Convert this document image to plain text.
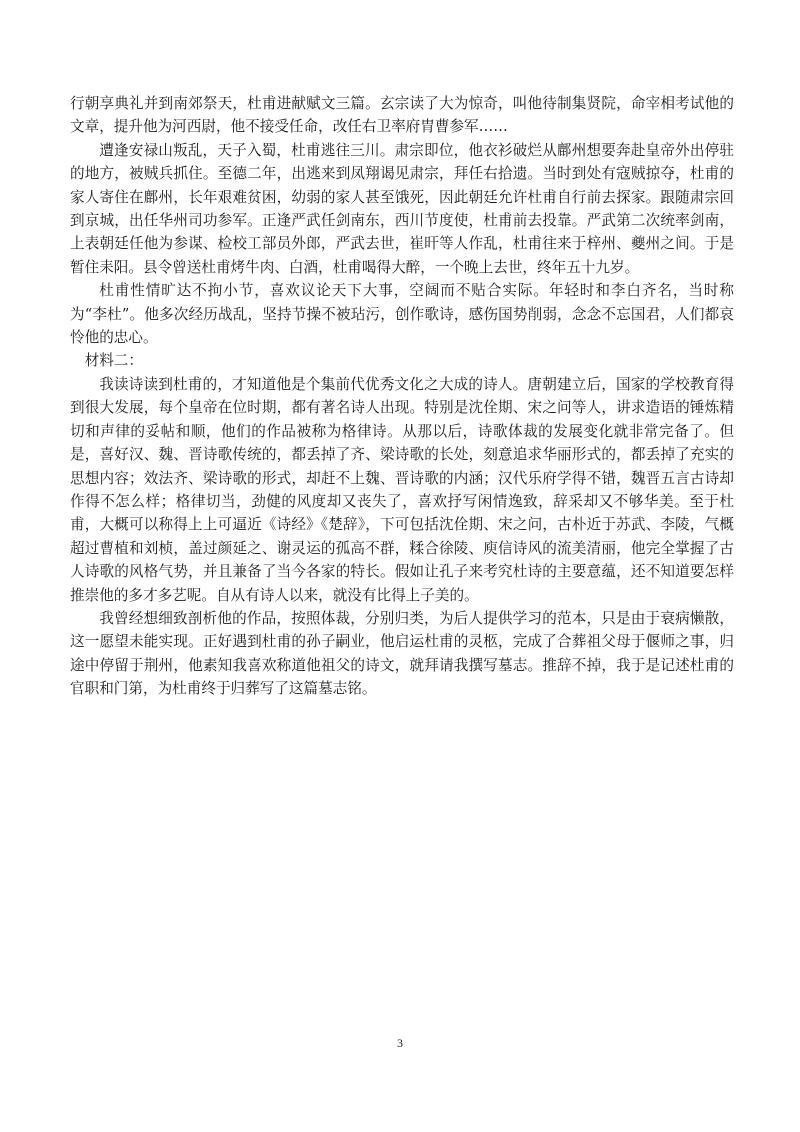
行朝享典礼并到南郊祭天，杜甫进献赋文三篇。玄宗读了大为惊奇，叫他待制集贤院，命宰相考试他的文章，提升他为河西尉，他不接受任命，改任右卫率府胄曹参军……

遭逢安禄山叛乱，天子入蜀，杜甫逃往三川。肃宗即位，他衣衫破烂从鄜州想要奔赴皇帝外出停驻的地方，被贼兵抓住。至德二年，出逃来到凤翔谒见肃宗，拜任右拾遗。当时到处有寇贼掠夺，杜甫的家人寄住在鄜州，长年艰难贫困，幼弱的家人甚至饿死，因此朝廷允许杜甫自行前去探家。跟随肃宗回到京城，出任华州司功参军。正逢严武任剑南东，西川节度使，杜甫前去投靠。严武第二次统率剑南，上表朝廷任他为参谋、检校工部员外郎，严武去世，崔旰等人作乱，杜甫往来于梓州、夔州之间。于是暂住耒阳。县令曾送杜甫烤牛肉、白酒，杜甫喝得大醉，一个晚上去世，终年五十九岁。

杜甫性情旷达不拘小节，喜欢议论天下大事，空阔而不贴合实际。年轻时和李白齐名，当时称为“李杜”。他多次经历战乱，坚持节操不被玷污，创作歌诗，感伤国势削弱，念念不忘国君，人们都哀怜他的忠心。

材料二：

我读诗读到杜甫的，才知道他是个集前代优秀文化之大成的诗人。唐朝建立后，国家的学校教育得到很大发展，每个皇帝在位时期，都有著名诗人出现。特别是沈佺期、宋之问等人，讲求造语的锤炼精切和声律的妥帖和顺，他们的作品被称为格律诗。从那以后，诗歌体裁的发展变化就非常完备了。但是，喜好汉、魏、晋诗歌传统的，都丢掉了齐、梁诗歌的长处，刻意追求华丽形式的，都丢掉了充实的思想内容；效法齐、梁诗歌的形式，却赶不上魏、晋诗歌的内涵；汉代乐府学得不错，魏晋五言古诗却作得不怎么样；格律切当，劲健的风度却又丧失了，喜欢抒写闲情逸致，辞采却又不够华美。至于杜甫，大概可以称得上上可逼近《诗经》《楚辞》，下可包括沈佺期、宋之问，古朴近于苏武、李陵，气概超过曹植和刘桢，盖过颜延之、谢灵运的孤高不群，糅合徐陵、庾信诗风的流美清丽，他完全掌握了古人诗歌的风格气势，并且兼备了当今各家的特长。假如让孔子来考究杜诗的主要意蕴，还不知道要怎样推崇他的多才多艺呢。自从有诗人以来，就没有比得上子美的。

我曾经想细致剖析他的作品，按照体裁，分别归类，为后人提供学习的范本，只是由于衰病懒散，这一愿望未能实现。正好遇到杜甫的孙子嗣业，他启运杜甫的灵柩，完成了合葬祖父母于偃师之事，归途中停留于荆州，他素知我喜欢称道他祖父的诗文，就拜请我撰写墓志。推辞不掉，我于是记述杜甫的官职和门第，为杜甫终于归葬写了这篇墓志铭。

3
